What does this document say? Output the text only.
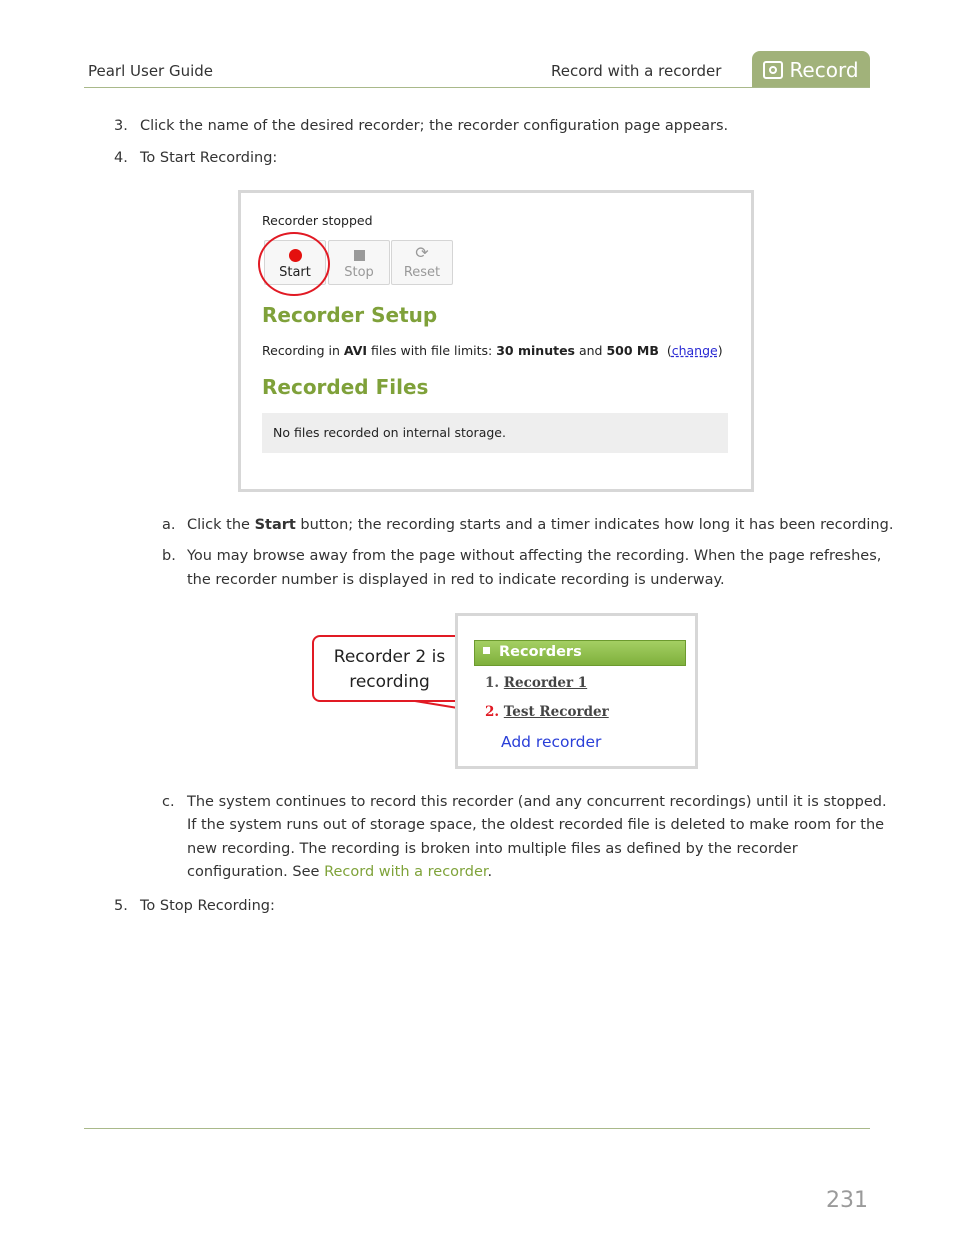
Pearl User Guide	Record with a recorder	Record
3. Click the name of the desired recorder; the recorder configuration page appears.
4. To Start Recording:
Recorder stopped
Start	Stop
⟳
Reset
Recorder Setup
Recording in AVI files with file limits: 30 minutes and 500 MB  (change)
Recorded Files
No files recorded on internal storage.
a. Click the Start button; the recording starts and a timer indicates how long it has been recording.
b. You may browse away from the page without affecting the recording. When the page refreshes,
the recorder number is displayed in red to indicate recording is underway.
Recorder 2 is
recording
Recorders
1. Recorder 1
2. Test Recorder
Add recorder
c. The system continues to record this recorder (and any concurrent recordings) until it is stopped.
If the system runs out of storage space, the oldest recorded file is deleted to make room for the
new recording. The recording is broken into multiple files as defined by the recorder
configuration. See Record with a recorder.
5. To Stop Recording:
231
